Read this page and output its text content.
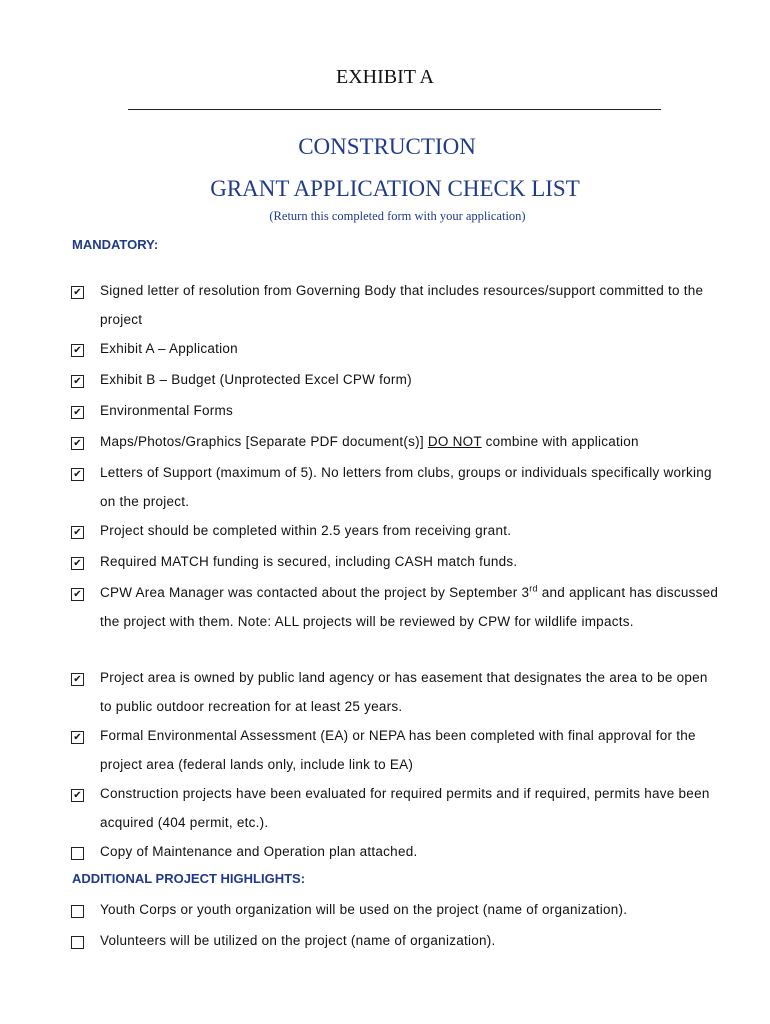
EXHIBIT A
CONSTRUCTION
GRANT APPLICATION CHECK LIST
(Return this completed form with your application)
MANDATORY:
✔ Signed letter of resolution from Governing Body that includes resources/support committed to the project
✔ Exhibit A – Application
✔ Exhibit B – Budget (Unprotected Excel CPW form)
✔ Environmental Forms
✔ Maps/Photos/Graphics [Separate PDF document(s)] DO NOT combine with application
✔ Letters of Support (maximum of 5). No letters from clubs, groups or individuals specifically working on the project.
✔ Project should be completed within 2.5 years from receiving grant.
✔ Required MATCH funding is secured, including CASH match funds.
✔ CPW Area Manager was contacted about the project by September 3rd and applicant has discussed the project with them. Note: ALL projects will be reviewed by CPW for wildlife impacts.
✔ Project area is owned by public land agency or has easement that designates the area to be open to public outdoor recreation for at least 25 years.
✔ Formal Environmental Assessment (EA) or NEPA has been completed with final approval for the project area (federal lands only, include link to EA)
✔ Construction projects have been evaluated for required permits and if required, permits have been acquired (404 permit, etc.).
Copy of Maintenance and Operation plan attached.
ADDITIONAL PROJECT HIGHLIGHTS:
Youth Corps or youth organization will be used on the project (name of organization).
Volunteers will be utilized on the project (name of organization).
